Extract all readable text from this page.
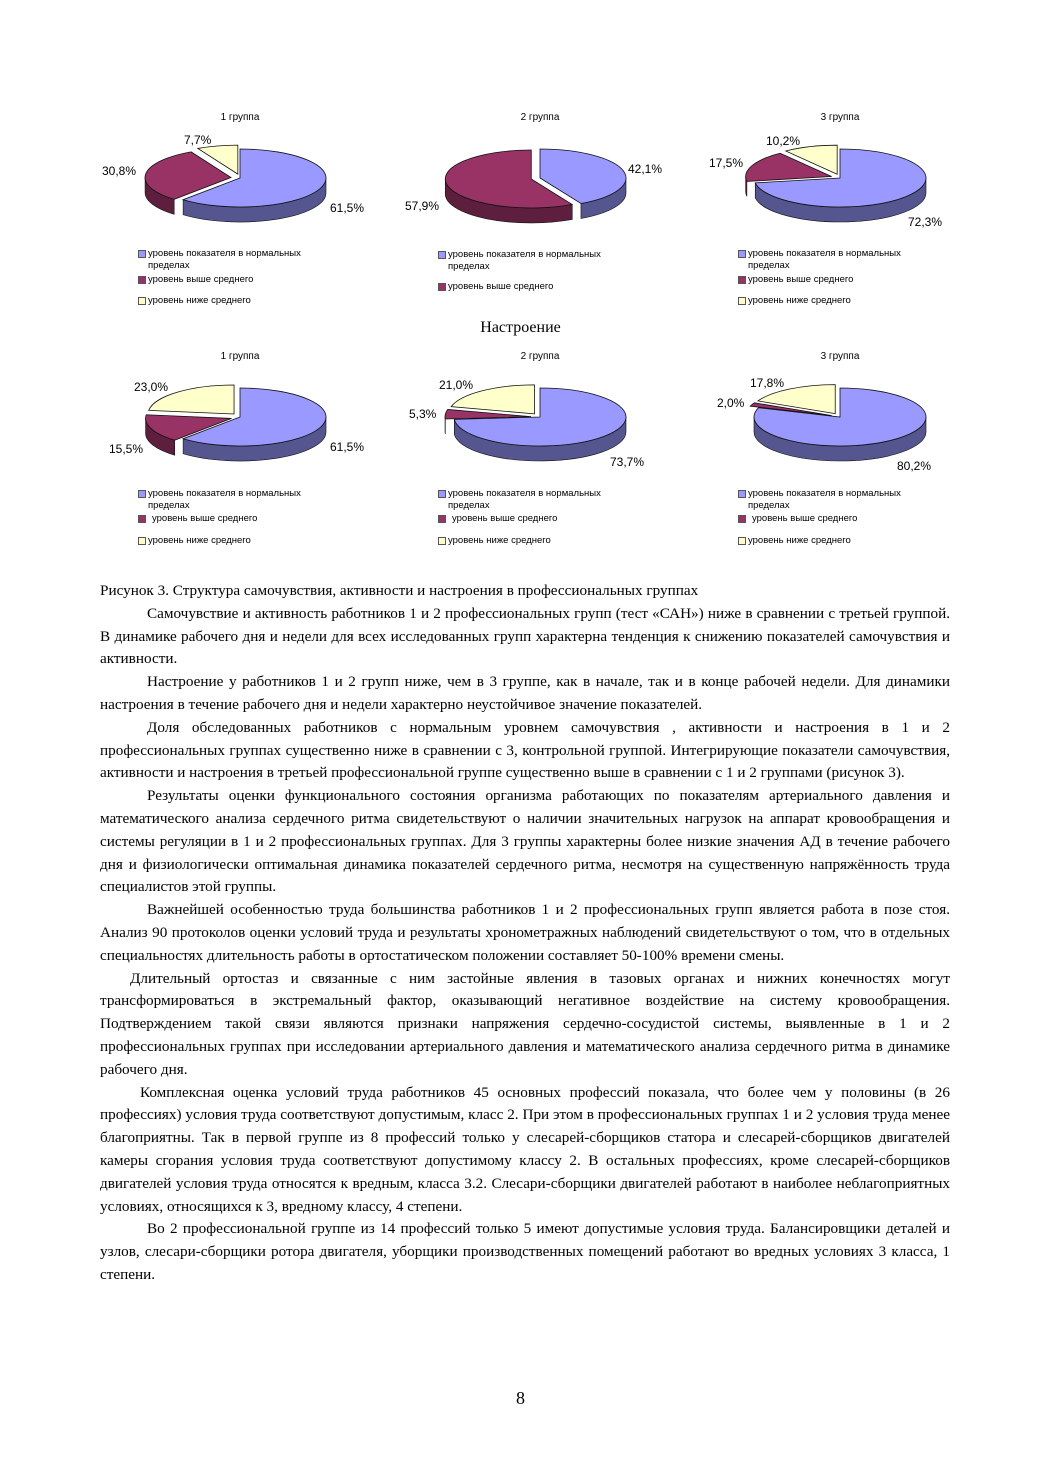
1 группа
61,5%
30,8%
7,7%
уровень показателя в нормальных пределах
уровень выше среднего
уровень ниже среднего
2 группа
42,1%
57,9%
уровень показателя в нормальных пределах
уровень выше среднего
3 группа
72,3%
17,5%
10,2%
уровень показателя в нормальных пределах
уровень выше среднего
уровень ниже среднего
Настроение
1 группа
61,5%
15,5%
23,0%
уровень показателя в нормальных пределах
уровень выше среднего
уровень ниже среднего
2 группа
73,7%
5,3%
21,0%
уровень показателя в нормальных пределах
уровень выше среднего
уровень ниже среднего
3 группа
80,2%
2,0%
17,8%
уровень показателя в нормальных пределах
уровень выше среднего
уровень ниже среднего

Рисунок 3. Структура самочувствия, активности и настроения в профессиональных группах

Самочувствие и активность работников 1 и 2 профессиональных групп (тест «САН») ниже в сравнении с третьей группой. В динамике рабочего дня и недели для всех исследованных групп характерна тенденция к снижению показателей самочувствия и активности.

Настроение у работников 1 и 2 групп ниже, чем в 3 группе, как в начале, так и в конце рабочей недели. Для динамики настроения в течение рабочего дня и недели характерно неустойчивое значение показателей.

Доля обследованных работников с нормальным уровнем самочувствия , активности и настроения в 1 и 2 профессиональных группах существенно ниже в сравнении с 3, контрольной группой. Интегрирующие показатели самочувствия, активности и настроения в третьей профессиональной группе существенно выше в сравнении с 1 и 2 группами (рисунок 3).

Результаты оценки функционального состояния организма работающих по показателям артериального давления и математического анализа сердечного ритма свидетельствуют о наличии значительных нагрузок на аппарат кровообращения и системы регуляции в 1 и 2 профессиональных группах. Для 3 группы характерны более низкие значения АД в течение рабочего дня и физиологически оптимальная динамика показателей сердечного ритма, несмотря на существенную напряжённость труда специалистов этой группы.

Важнейшей особенностью труда большинства работников 1 и 2 профессиональных групп является работа в позе стоя. Анализ 90 протоколов оценки условий труда и результаты хронометражных наблюдений свидетельствуют о том, что в отдельных специальностях длительность работы в ортостатическом положении составляет 50-100% времени смены.

Длительный ортостаз и связанные с ним застойные явления в тазовых органах и нижних конечностях могут трансформироваться в экстремальный фактор, оказывающий негативное воздействие на систему кровообращения. Подтверждением такой связи являются признаки напряжения сердечно-сосудистой системы, выявленные в 1 и 2 профессиональных группах при исследовании артериального давления и математического анализа сердечного ритма в динамике рабочего дня.

Комплексная оценка условий труда работников 45 основных профессий показала, что более чем у половины (в 26 профессиях) условия труда соответствуют допустимым, класс 2. При этом в профессиональных группах 1 и 2 условия труда менее благоприятны. Так в первой группе из 8 профессий только у слесарей-сборщиков статора и слесарей-сборщиков двигателей камеры сгорания условия труда соответствуют допустимому классу 2. В остальных профессиях, кроме слесарей-сборщиков двигателей условия труда относятся к вредным, класса 3.2. Слесари-сборщики двигателей работают в наиболее неблагоприятных условиях, относящихся к 3, вредному классу, 4 степени.

Во 2 профессиональной группе из 14 профессий только 5 имеют допустимые условия труда. Балансировщики деталей и узлов, слесари-сборщики ротора двигателя, уборщики производственных помещений работают во вредных условиях 3 класса, 1 степени.

8
